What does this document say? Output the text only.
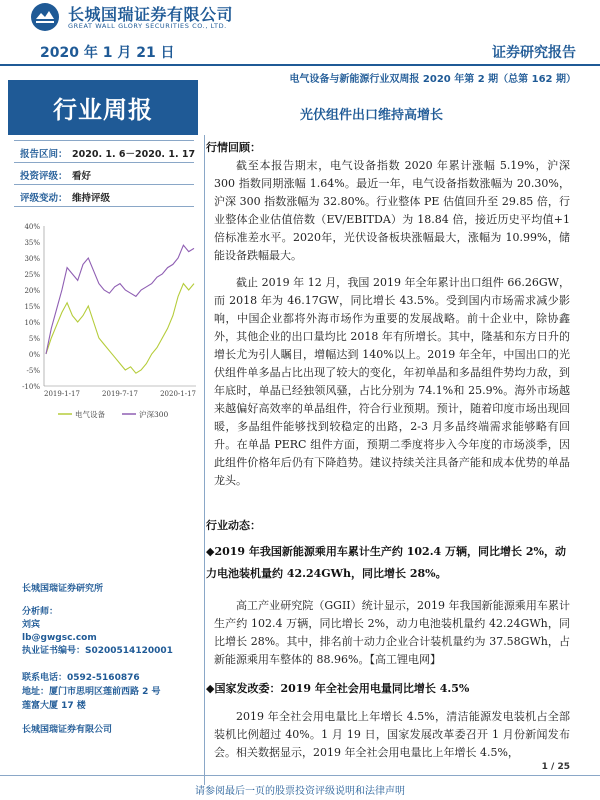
长城国瑞证券有限公司
GREAT WALL GLORY SECURITIES CO., LTD.
2020 年 1 月 21 日	证券研究报告
电气设备与新能源行业双周报 2020 年第 2 期（总第 162 期）
行业周报	光伏组件出口维持高增长
报告区间： 2020. 1. 6－2020. 1. 17
投资评级： 看好
评级变动： 维持评级
40%
35%
30%
25%
20%
15%
10%
5%
0%
-5%
-10%
2019-1-17	2019-7-17	2020-1-17
电气设备	沪深300
行情回顾：
截至本报告期末，电气设备指数 2020 年累计涨幅 5.19%，沪深 300 指数同期涨幅 1.64%。最近一年，电气设备指数涨幅为 20.30%，沪深 300 指数涨幅为 32.80%。行业整体 PE 估值回升至 29.85 倍，行业整体企业估值倍数（EV/EBITDA）为 18.84 倍，接近历史平均值+1 倍标准差水平。2020年，光伏设备板块涨幅最大，涨幅为 10.99%，储能设备跌幅最大。
截止 2019 年 12 月，我国 2019 年全年累计出口组件 66.26GW，而 2018 年为 46.17GW，同比增长 43.5%。受到国内市场需求减少影响，中国企业都将外海市场作为重要的发展战略。前十企业中，除协鑫外，其他企业的出口量均比 2018 年有所增长。其中，隆基和东方日升的增长尤为引人瞩目，增幅达到 140%以上。2019 年全年，中国出口的光伏组件单多晶占比出现了较大的变化，年初单晶和多晶组件势均力敌，到年底时，单晶已经独领风骚，占比分别为 74.1%和 25.9%。海外市场越来越偏好高效率的单晶组件，符合行业预期。预计，随着印度市场出现回暖，多晶组件能够找到较稳定的出路，2-3 月多晶终端需求能够略有回升。在单晶 PERC 组件方面，预期二季度将步入今年度的市场淡季，因此组件价格年后仍有下降趋势。建议持续关注具备产能和成本优势的单晶龙头。
行业动态：
◆2019 年我国新能源乘用车累计生产约 102.4 万辆，同比增长 2%，动力电池装机量约 42.24GWh，同比增长 28%。
高工产业研究院（GGII）统计显示，2019 年我国新能源乘用车累计生产约 102.4 万辆，同比增长 2%，动力电池装机量约 42.24GWh，同比增长 28%。其中，排名前十动力企业合计装机量约为 37.58GWh，占新能源乘用车整体的 88.96%。【高工锂电网】
◆国家发改委：2019 年全社会用电量同比增长 4.5%
2019 年全社会用电量比上年增长 4.5%，清洁能源发电装机占全部装机比例超过 40%。1 月 19 日，国家发展改革委召开 1 月份新闻发布会。相关数据显示，2019 年全社会用电量比上年增长 4.5%，
长城国瑞证券研究所
分析师：
刘宾
lb@gwgsc.com
执业证书编号：S0200514120001
联系电话：0592-5160876
地址：厦门市思明区莲前西路 2 号
莲富大厦 17 楼
长城国瑞证券有限公司
1 / 25
请参阅最后一页的股票投资评级说明和法律声明
